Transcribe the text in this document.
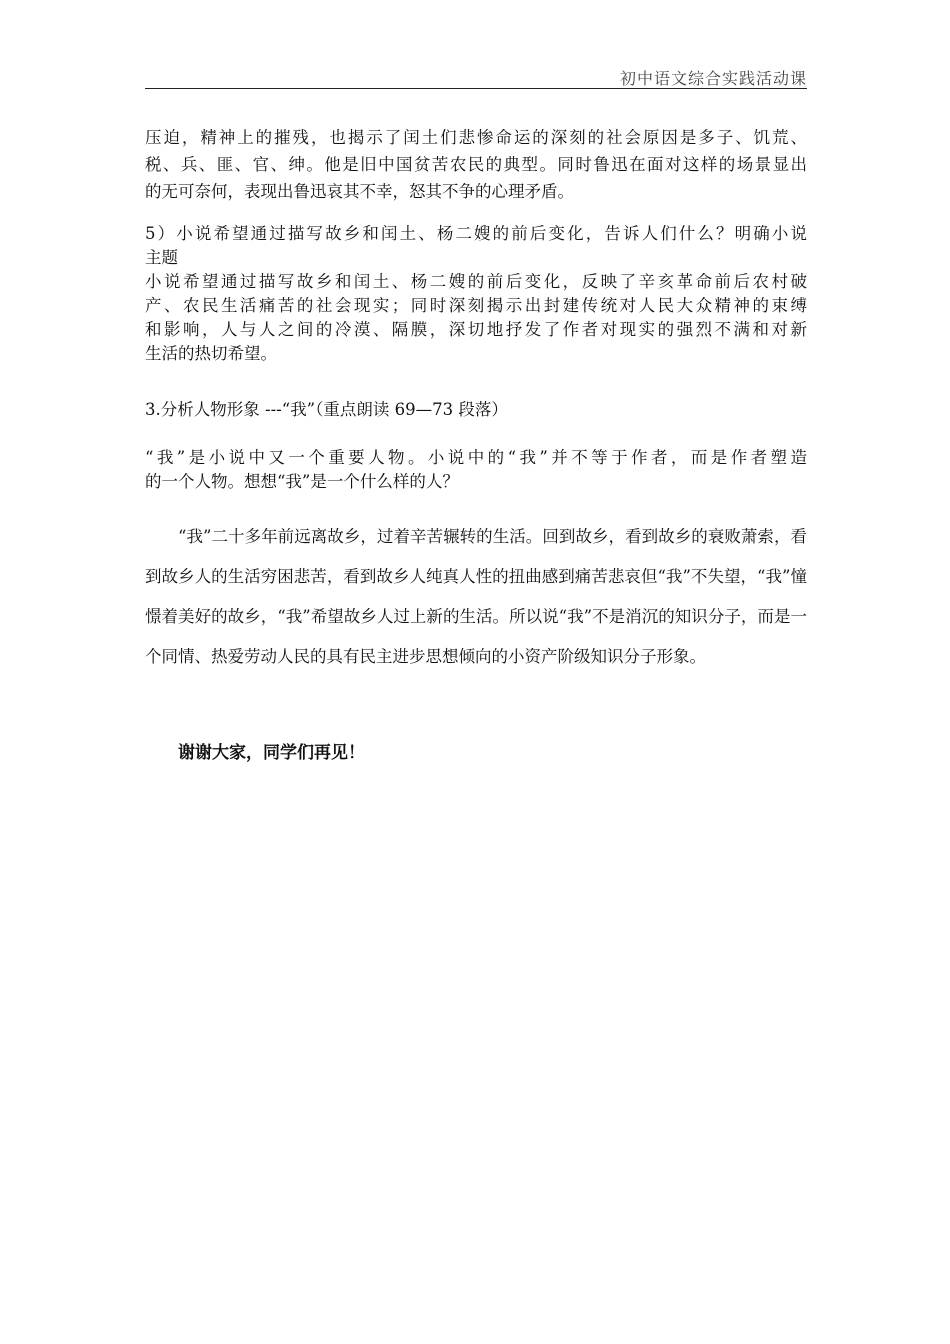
初中语文综合实践活动课
压迫，精神上的摧残，也揭示了闰土们悲惨命运的深刻的社会原因是多子、饥荒、
税、兵、匪、官、绅。他是旧中国贫苦农民的典型。同时鲁迅在面对这样的场景显出
的无可奈何，表现出鲁迅哀其不幸，怒其不争的心理矛盾。
5）小说希望通过描写故乡和闰土、杨二嫂的前后变化，告诉人们什么？明确小说
主题
小说希望通过描写故乡和闰土、杨二嫂的前后变化，反映了辛亥革命前后农村破
产、农民生活痛苦的社会现实；同时深刻揭示出封建传统对人民大众精神的束缚
和影响，人与人之间的冷漠、隔膜，深切地抒发了作者对现实的强烈不满和对新
生活的热切希望。
3.分析人物形象 ---“我”（重点朗读 69—73 段落）
“我”是小说中又一个重要人物。小说中的“我”并不等于作者，而是作者塑造
的一个人物。想想“我”是一个什么样的人？
“我”二十多年前远离故乡，过着辛苦辗转的生活。回到故乡，看到故乡的衰败萧索，看到故乡人的生活穷困悲苦，看到故乡人纯真人性的扭曲感到痛苦悲哀但“我”不失望，“我”憧憬着美好的故乡，“我”希望故乡人过上新的生活。所以说“我”不是消沉的知识分子，而是一个同情、热爱劳动人民的具有民主进步思想倾向的小资产阶级知识分子形象。
谢谢大家，同学们再见！
